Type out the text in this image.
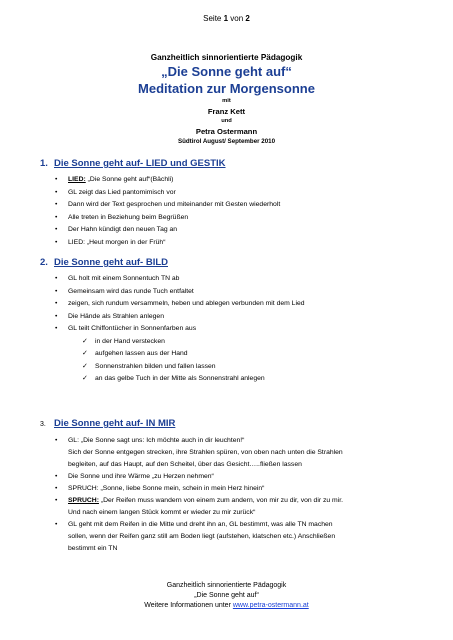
Seite 1 von 2
Ganzheitlich sinnorientierte Pädagogik
„Die Sonne geht auf“
Meditation zur Morgensonne
mit
Franz Kett
und
Petra Ostermann
Südtirol August/ September 2010
1. Die Sonne geht auf- LIED und GESTIK
• LIED: „Die Sonne geht auf“(Bächli)
• GL zeigt das Lied pantomimisch vor
• Dann wird der Text gesprochen und miteinander mit Gesten wiederholt
• Alle treten in Beziehung beim Begrüßen
• Der Hahn kündigt den neuen Tag an
• LIED: „Heut morgen in der Früh“
2. Die Sonne geht auf- BILD
• GL holt mit einem Sonnentuch TN ab
• Gemeinsam wird das runde Tuch entfaltet
• zeigen, sich rundum versammeln, heben und ablegen verbunden mit dem Lied
• Die Hände als Strahlen anlegen
• GL teilt Chiffontücher in Sonnenfarben aus
✓ in der Hand verstecken
✓ aufgehen lassen aus der Hand
✓ Sonnenstrahlen bilden und fallen lassen
✓ an das gelbe Tuch in der Mitte als Sonnenstrahl anlegen
3. Die Sonne geht auf- IN MIR
• GL: „Die Sonne sagt uns: Ich möchte auch in dir leuchten!“
Sich der Sonne entgegen strecken, ihre Strahlen spüren, von oben nach unten die Strahlen
begleiten, auf das Haupt, auf den Scheitel, über das Gesicht…..fließen lassen
• Die Sonne und ihre Wärme „zu Herzen nehmen“
• SPRUCH: „Sonne, liebe Sonne mein, schein in mein Herz hinein“
• SPRUCH: „Der Reifen muss wandern von einem zum andern, von mir zu dir, von dir zu mir.
Und nach einem langen Stück kommt er wieder zu mir zurück“
• GL geht mit dem Reifen in die Mitte und dreht ihn an, GL bestimmt, was alle TN machen
sollen, wenn der Reifen ganz still am Boden liegt (aufstehen, klatschen etc.) Anschließen
bestimmt ein TN
Ganzheitlich sinnorientierte Pädagogik
„Die Sonne geht auf“
Weitere Informationen unter www.petra-ostermann.at
